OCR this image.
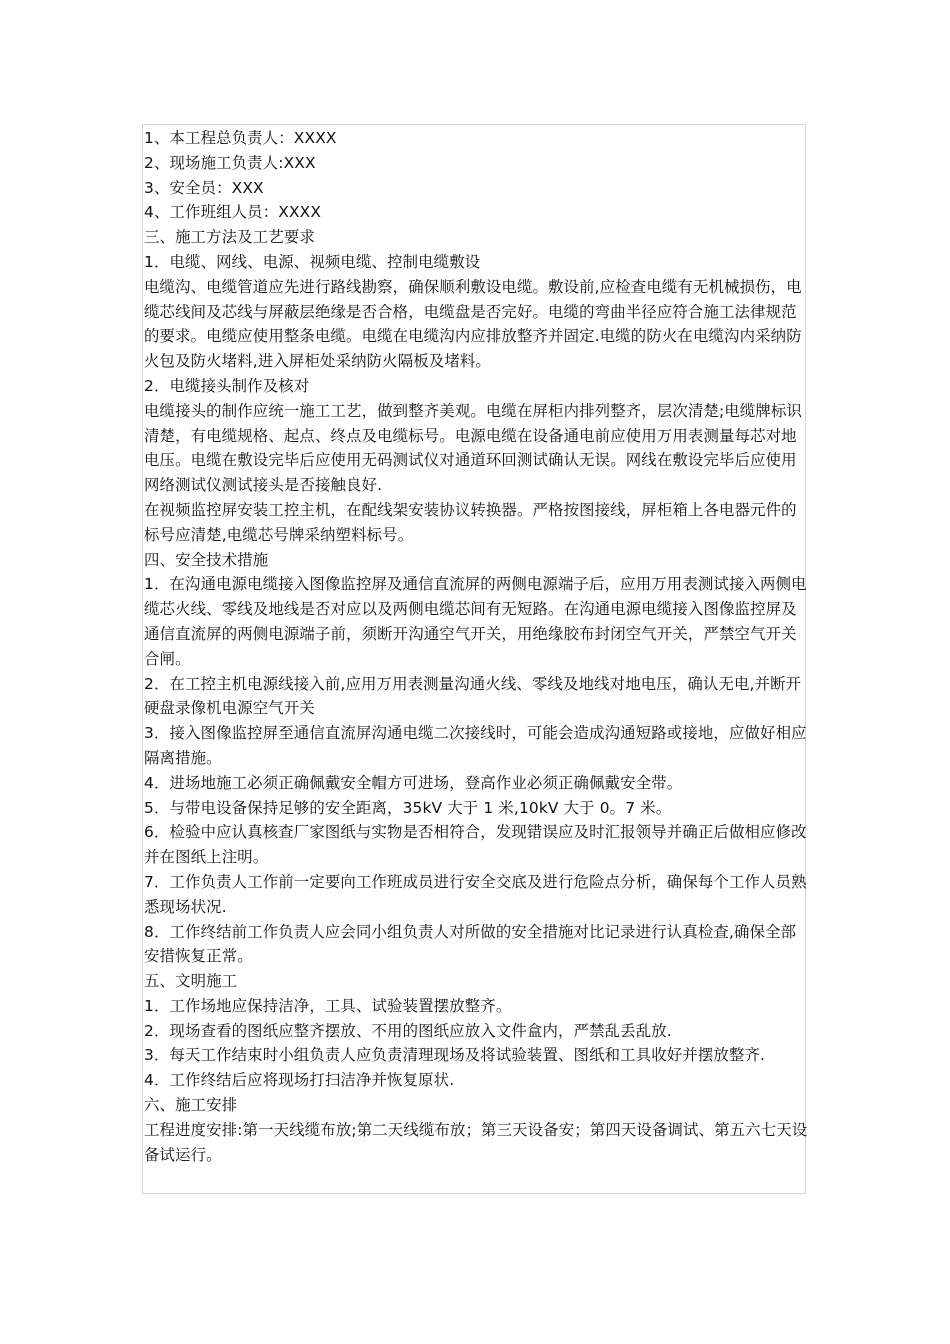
1、本工程总负责人：XXXX

2、现场施工负责人:XXX

3、安全员：XXX

4、工作班组人员：XXXX

三、施工方法及工艺要求

1．电缆、网线、电源、视频电缆、控制电缆敷设

电缆沟、电缆管道应先进行路线勘察，确保顺利敷设电缆。敷设前,应检查电缆有无机械损伤，电缆芯线间及芯线与屏蔽层绝缘是否合格，电缆盘是否完好。电缆的弯曲半径应符合施工法律规范的要求。电缆应使用整条电缆。电缆在电缆沟内应排放整齐并固定.电缆的防火在电缆沟内采纳防火包及防火堵料,进入屏柜处采纳防火隔板及堵料。

2．电缆接头制作及核对

电缆接头的制作应统一施工工艺，做到整齐美观。电缆在屏柜内排列整齐，层次清楚;电缆牌标识清楚，有电缆规格、起点、终点及电缆标号。电源电缆在设备通电前应使用万用表测量每芯对地电压。电缆在敷设完毕后应使用无码测试仪对通道环回测试确认无误。网线在敷设完毕后应使用网络测试仪测试接头是否接触良好.

在视频监控屏安装工控主机，在配线架安装协议转换器。严格按图接线，屏柜箱上各电器元件的标号应清楚,电缆芯号牌采纳塑料标号。

四、安全技术措施

1．在沟通电源电缆接入图像监控屏及通信直流屏的两侧电源端子后，应用万用表测试接入两侧电缆芯火线、零线及地线是否对应以及两侧电缆芯间有无短路。在沟通电源电缆接入图像监控屏及通信直流屏的两侧电源端子前，须断开沟通空气开关，用绝缘胶布封闭空气开关，严禁空气开关合闸。

2．在工控主机电源线接入前,应用万用表测量沟通火线、零线及地线对地电压，确认无电,并断开硬盘录像机电源空气开关

3．接入图像监控屏至通信直流屏沟通电缆二次接线时，可能会造成沟通短路或接地，应做好相应隔离措施。

4．进场地施工必须正确佩戴安全帽方可进场，登高作业必须正确佩戴安全带。

5．与带电设备保持足够的安全距离，35kV 大于 1 米,10kV 大于 0。7 米。

6．检验中应认真核查厂家图纸与实物是否相符合，发现错误应及时汇报领导并确正后做相应修改并在图纸上注明。

7．工作负责人工作前一定要向工作班成员进行安全交底及进行危险点分析，确保每个工作人员熟悉现场状况.

8．工作终结前工作负责人应会同小组负责人对所做的安全措施对比记录进行认真检查,确保全部安措恢复正常。

五、文明施工

1．工作场地应保持洁净，工具、试验装置摆放整齐。

2．现场查看的图纸应整齐摆放、不用的图纸应放入文件盒内，严禁乱丢乱放.

3．每天工作结束时小组负责人应负责清理现场及将试验装置、图纸和工具收好并摆放整齐.

4．工作终结后应将现场打扫洁净并恢复原状.

六、施工安排

工程进度安排:第一天线缆布放;第二天线缆布放；第三天设备安；第四天设备调试、第五六七天设备试运行。
